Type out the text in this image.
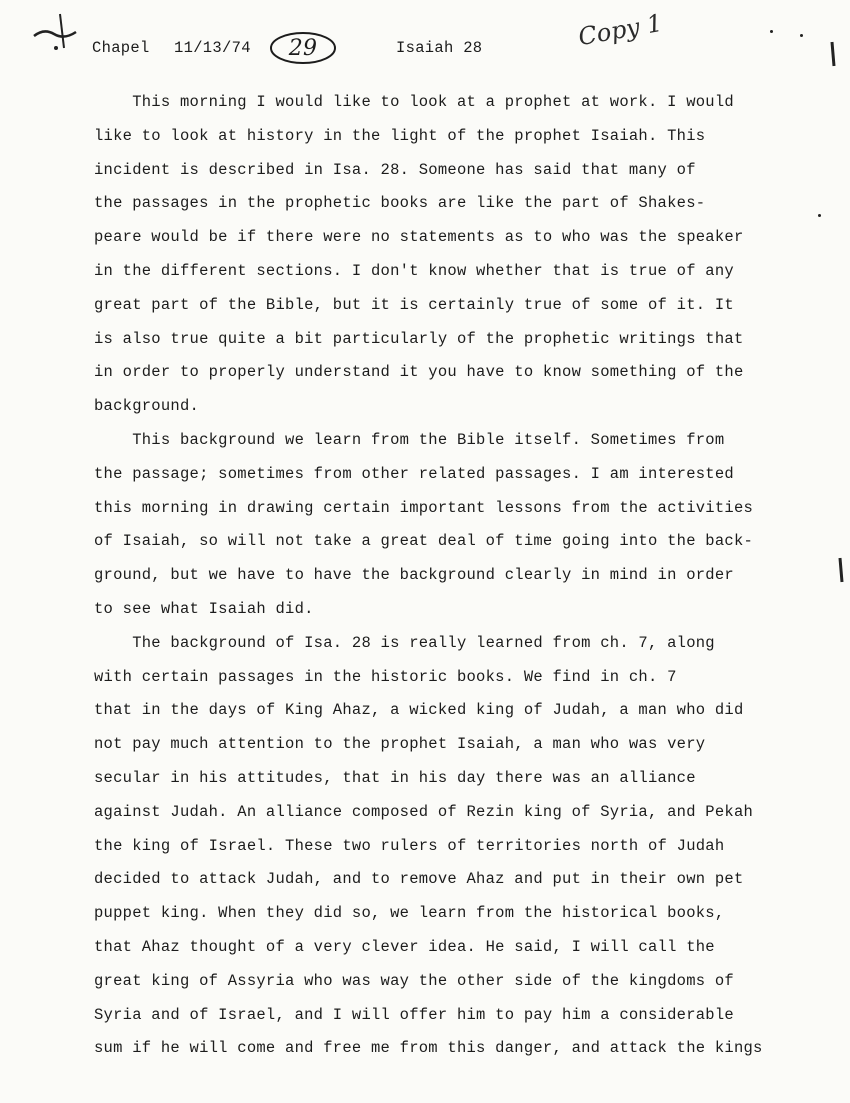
Chapel 11/13/74

	29

	Isaiah 28	Copy 1
This morning I would like to look at a prophet at work. I would
like to look at history in the light of the prophet Isaiah. This
incident is described in Isa. 28. Someone has said that many of
the passages in the prophetic books are like the part of Shakes-
peare would be if there were no statements as to who was the speaker
in the different sections. I don't know whether that is true of any
great part of the Bible, but it is certainly true of some of it. It
is also true quite a bit particularly of the prophetic writings that
in order to properly understand it you have to know something of the
background.
This background we learn from the Bible itself. Sometimes from
the passage; sometimes from other related passages. I am interested
this morning in drawing certain important lessons from the activities
of Isaiah, so will not take a great deal of time going into the back-
ground, but we have to have the background clearly in mind in order
to see what Isaiah did.
The background of Isa. 28 is really learned from ch. 7, along
with certain passages in the historic books. We find in ch. 7
that in the days of King Ahaz, a wicked king of Judah, a man who did
not pay much attention to the prophet Isaiah, a man who was very
secular in his attitudes, that in his day there was an alliance
against Judah. An alliance composed of Rezin king of Syria, and Pekah
the king of Israel. These two rulers of territories north of Judah
decided to attack Judah, and to remove Ahaz and put in their own pet
puppet king. When they did so, we learn from the historical books,
that Ahaz thought of a very clever idea. He said, I will call the
great king of Assyria who was way the other side of the kingdoms of
Syria and of Israel, and I will offer him to pay him a considerable
sum if he will come and free me from this danger, and attack the kings
